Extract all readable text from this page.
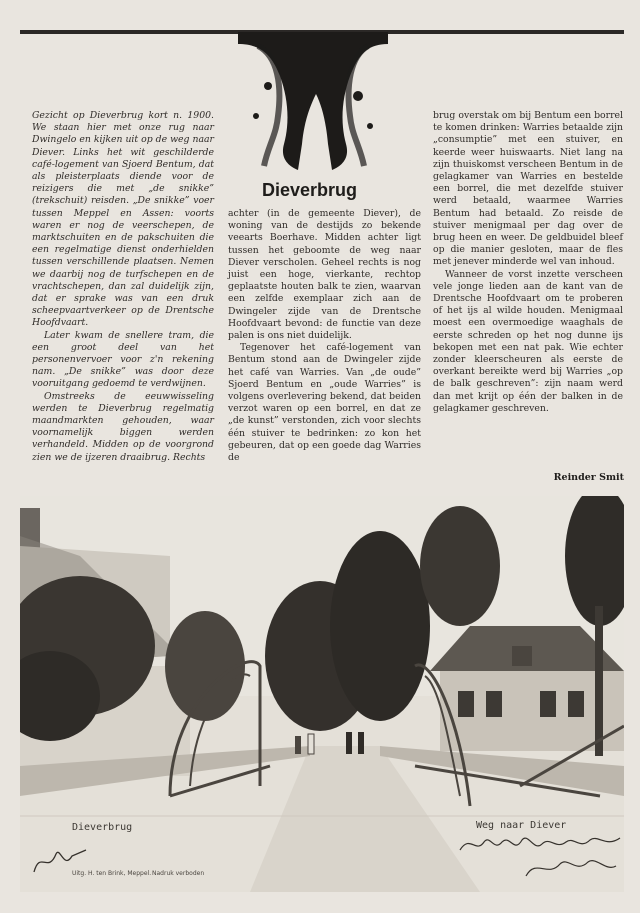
Dieverbrug

Gezicht op Dieverbrug kort n. 1900. We staan hier met onze rug naar Dwingelo en kijken uit op de weg naar Diever. Links het wit geschilderde café-logement van Sjoerd Bentum, dat als pleisterplaats diende voor de reizigers die met „de snikke” (trekschuit) reisden. „De snikke” voer tussen Meppel en Assen: voorts waren er nog de veerschepen, de marktschuiten en de pakschuiten die een regelmatige dienst onderhielden tussen verschillende plaatsen. Nemen we daarbij nog de turfschepen en de vrachtschepen, dan zal duidelijk zijn, dat er sprake was van een druk scheepvaartverkeer op de Drentsche Hoofdvaart.

Later kwam de snellere tram, die een groot deel van het personenvervoer voor z'n rekening nam. „De snikke” was door deze vooruitgang gedoemd te verdwijnen.

Omstreeks de eeuwwisseling werden te Dieverbrug regelmatig maandmarkten gehouden, waar voornamelijk biggen werden verhandeld. Midden op de voorgrond zien we de ijzeren draaibrug. Rechts

achter (in de gemeente Diever), de woning van de destijds zo bekende veearts Boerhave. Midden achter ligt tussen het geboomte de weg naar Diever verscholen. Geheel rechts is nog juist een hoge, vierkante, rechtop geplaatste houten balk te zien, waarvan een zelfde exemplaar zich aan de Dwingeler zijde van de Drentsche Hoofdvaart bevond: de functie van deze palen is ons niet duidelijk.

Tegenover het café-logement van Bentum stond aan de Dwingeler zijde het café van Warries. Van „de oude” Sjoerd Bentum en „oude Warries” is volgens overlevering bekend, dat beiden verzot waren op een borrel, en dat ze „de kunst” verstonden, zich voor slechts één stuiver te bedrinken: zo kon het gebeuren, dat op een goede dag Warries de

brug overstak om bij Bentum een borrel te komen drinken: Warries betaalde zijn „consumptie” met een stuiver, en keerde weer huiswaarts. Niet lang na zijn thuiskomst verscheen Bentum in de gelagkamer van Warries en bestelde een borrel, die met dezelfde stuiver werd betaald, waarmee Warries Bentum had betaald. Zo reisde de stuiver menigmaal per dag over de brug heen en weer. De geldbuidel bleef op die manier gesloten, maar de fles met jenever minderde wel van inhoud.

Wanneer de vorst inzette verscheen vele jonge lieden aan de kant van de Drentsche Hoofdvaart om te proberen of het ijs al wilde houden. Menigmaal moest een overmoedige waaghals de eerste schreden op het nog dunne ijs bekopen met een nat pak. Wie echter zonder kleerscheuren als eerste de overkant bereikte werd bij Warries „op de balk geschreven”: zijn naam werd dan met krijt op één der balken in de gelagkamer geschreven.

Reinder Smit
Dieverbrug	Weg naar Diever
Uitg. H. ten Brink, Meppel. Nadruk verboden
